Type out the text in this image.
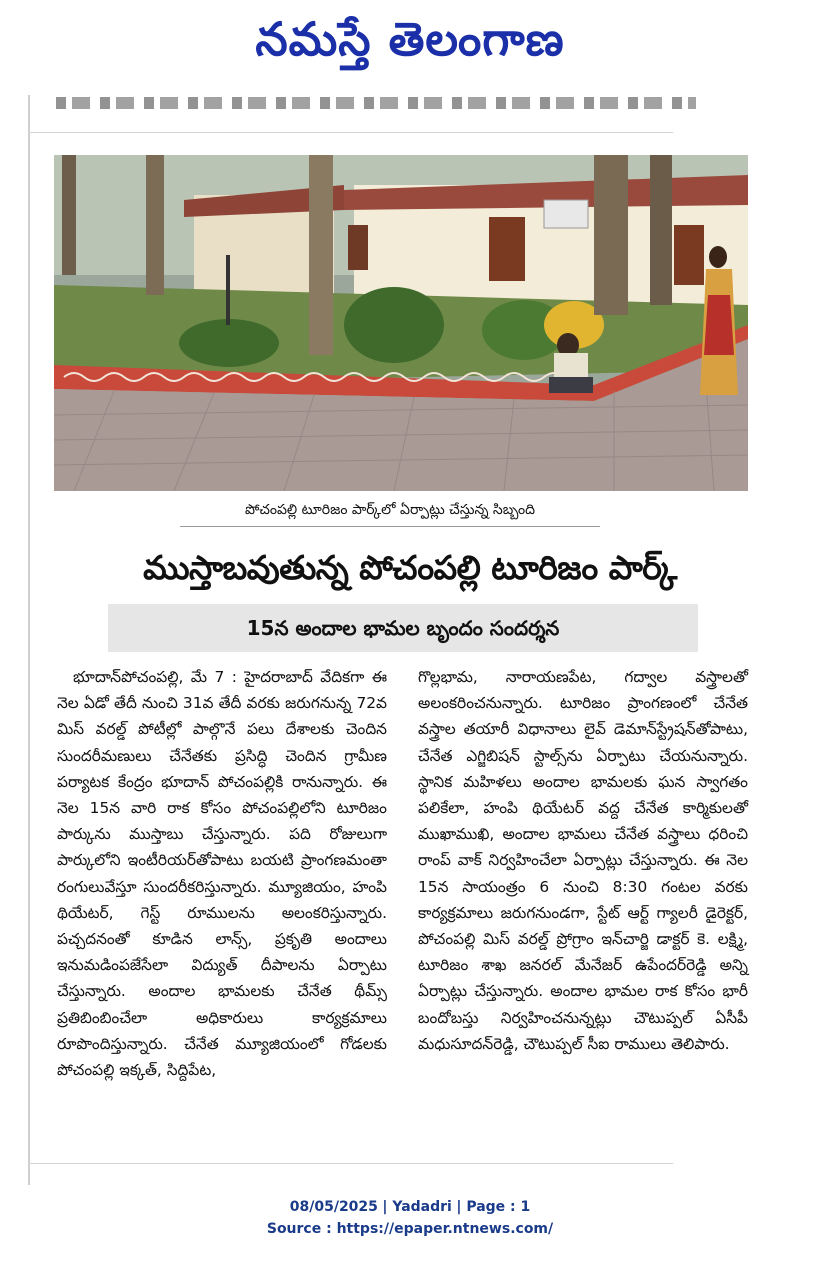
నమస్తే తెలంగాణ
పోచంపల్లి టూరిజం పార్క్‌లో ఏర్పాట్లు చేస్తున్న సిబ్బంది
ముస్తాబవుతున్న పోచంపల్లి టూరిజం పార్క్
15న అందాల భామల బృందం సందర్శన

భూదాన్‌పోచంపల్లి, మే 7 : హైదరాబాద్ వేదికగా ఈ నెల ఏడో తేదీ నుంచి 31వ తేదీ వరకు జరుగనున్న 72వ మిస్ వరల్డ్ పోటీల్లో పాల్గొనే పలు దేశాలకు చెందిన సుందరీమణులు చేనేతకు ప్రసిద్ధి చెందిన గ్రామీణ పర్యాటక కేంద్రం భూదాన్ పోచంపల్లికి రానున్నారు. ఈ నెల 15న వారి రాక కోసం పోచంపల్లిలోని టూరిజం పార్కును ముస్తాబు చేస్తున్నారు. పది రోజులుగా పార్కులోని ఇంటీరియర్‌తోపాటు బయటి ప్రాంగణమంతా రంగులువేస్తూ సుందరీకరిస్తున్నారు. మ్యూజియం, హంపి థియేటర్, గెస్ట్ రూములను అలంకరిస్తున్నారు. పచ్చదనంతో కూడిన లాన్స్, ప్రకృతి అందాలు ఇనుమడింపజేసేలా విద్యుత్ దీపాలను ఏర్పాటు చేస్తున్నారు. అందాల భామలకు చేనేత థీమ్స్ ప్రతిబింబించేలా అధికారులు కార్యక్రమాలు రూపొందిస్తున్నారు. చేనేత మ్యూజియంలో గోడలకు పోచంపల్లి ఇక్కత్, సిద్దిపేట,

గొల్లభామ, నారాయణపేట, గద్వాల వస్త్రాలతో అలంకరించనున్నారు. టూరిజం ప్రాంగణంలో చేనేత వస్త్రాల తయారీ విధానాలు లైవ్ డెమాన్‌స్ట్రేషన్‌తోపాటు, చేనేత ఎగ్జిబిషన్ స్టాల్స్‌ను ఏర్పాటు చేయనున్నారు. స్థానిక మహిళలు అందాల భామలకు ఘన స్వాగతం పలికేలా, హంపి థియేటర్ వద్ద చేనేత కార్మికులతో ముఖాముఖి, అందాల భామలు చేనేత వస్త్రాలు ధరించి రాంప్ వాక్ నిర్వహించేలా ఏర్పాట్లు చేస్తున్నారు. ఈ నెల 15న సాయంత్రం 6 నుంచి 8:30 గంటల వరకు కార్యక్రమాలు జరుగనుండగా, స్టేట్ ఆర్ట్ గ్యాలరీ డైరెక్టర్, పోచంపల్లి మిస్ వరల్డ్ ప్రోగ్రాం ఇన్‌చార్జి డాక్టర్ కె. లక్ష్మి, టూరిజం శాఖ జనరల్ మేనేజర్ ఉపేందర్‌రెడ్డి అన్ని ఏర్పాట్లు చేస్తున్నారు. అందాల భామల రాక కోసం భారీ బందోబస్తు నిర్వహించనున్నట్లు చౌటుప్పల్ ఏసీపీ మధుసూదన్‌రెడ్డి, చౌటుప్పల్ సీఐ రాములు తెలిపారు.

08/05/2025 | Yadadri | Page : 1
Source : https://epaper.ntnews.com/
